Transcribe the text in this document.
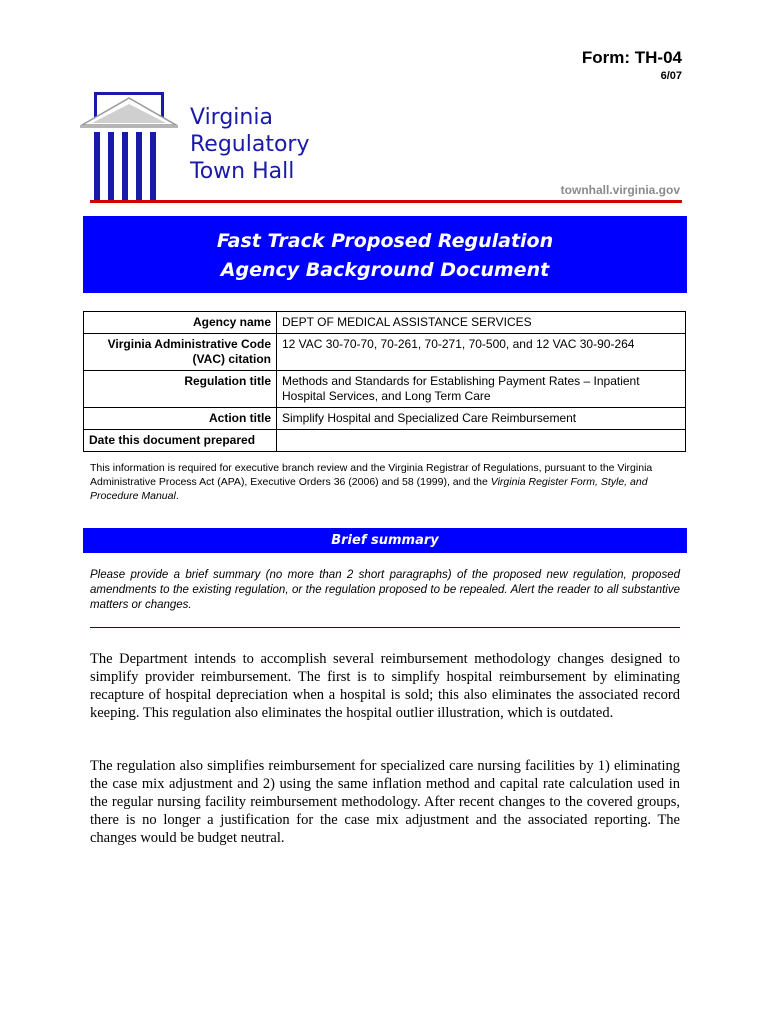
Form: TH-04
6/07
Virginia
Regulatory
Town Hall
townhall.virginia.gov
Fast Track Proposed Regulation
Agency Background Document
Agency name	DEPT OF MEDICAL ASSISTANCE SERVICES
Virginia Administrative Code (VAC) citation	12 VAC 30-70-70, 70-261, 70-271, 70-500, and 12 VAC 30-90-264
Regulation title	Methods and Standards for Establishing Payment Rates – Inpatient Hospital Services, and Long Term Care
Action title	Simplify Hospital and Specialized Care Reimbursement
Date this document prepared	
This information is required for executive branch review and the Virginia Registrar of Regulations, pursuant to the Virginia Administrative Process Act (APA), Executive Orders 36 (2006) and 58 (1999), and the Virginia Register Form, Style, and Procedure Manual.
Brief summary
Please provide a brief summary (no more than 2 short paragraphs) of the proposed new regulation, proposed amendments to the existing regulation, or the regulation proposed to be repealed. Alert the reader to all substantive matters or changes.
The Department intends to accomplish several reimbursement methodology changes designed to simplify provider reimbursement. The first is to simplify hospital reimbursement by eliminating recapture of hospital depreciation when a hospital is sold; this also eliminates the associated record keeping. This regulation also eliminates the hospital outlier illustration, which is outdated.
The regulation also simplifies reimbursement for specialized care nursing facilities by 1) eliminating the case mix adjustment and 2) using the same inflation method and capital rate calculation used in the regular nursing facility reimbursement methodology. After recent changes to the covered groups, there is no longer a justification for the case mix adjustment and the associated reporting. The changes would be budget neutral.
